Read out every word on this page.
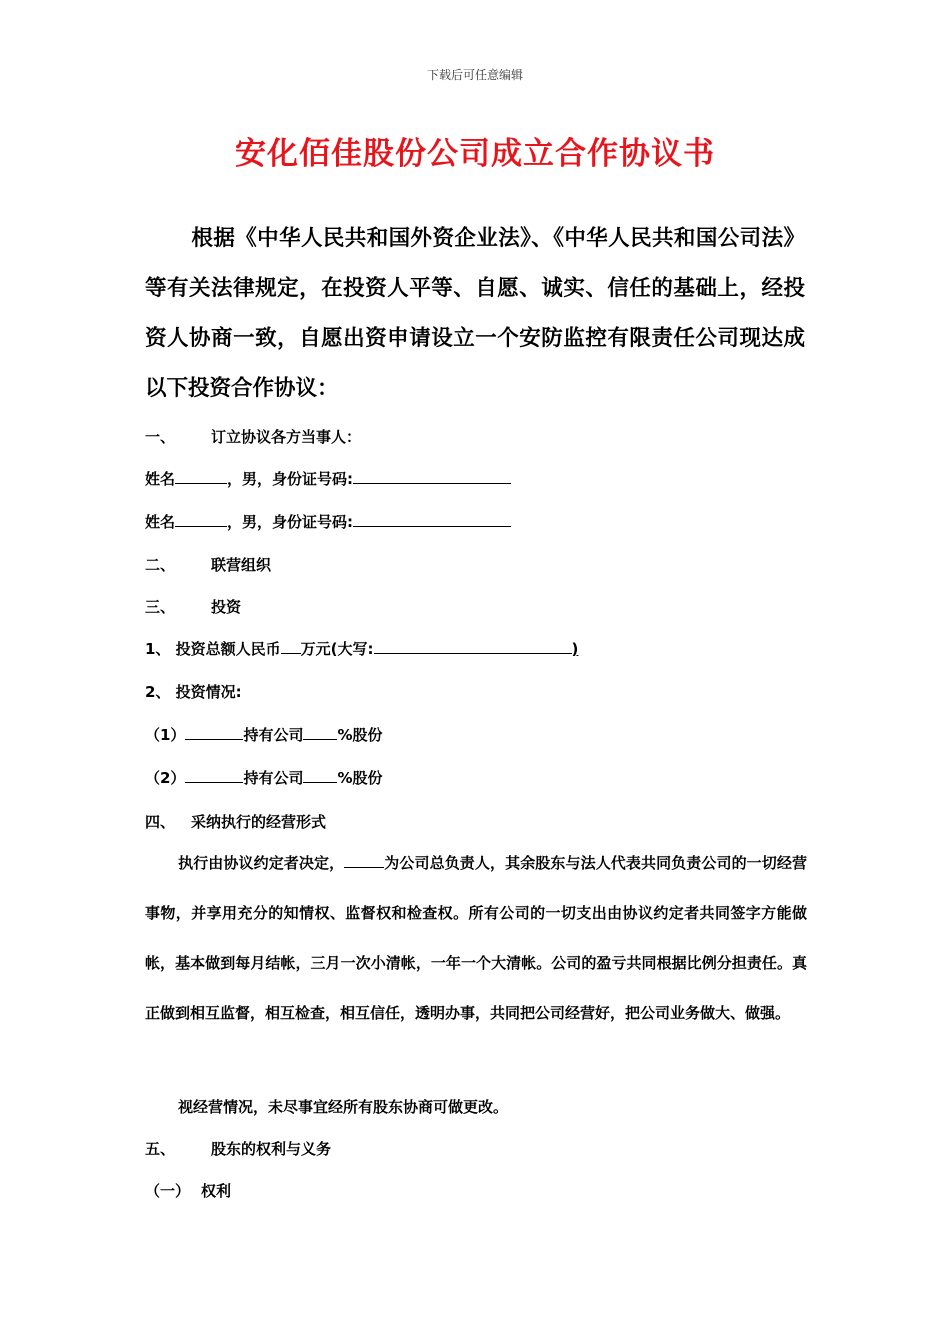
下载后可任意编辑
安化佰佳股份公司成立合作协议书
根据《中华人民共和国外资企业法》、《中华人民共和国公司法》等有关法律规定，在投资人平等、自愿、诚实、信任的基础上，经投资人协商一致，自愿出资申请设立一个安防监控有限责任公司现达成以下投资合作协议：
一、 订立协议各方当事人：
姓名	，男，身份证号码:
姓名	，男，身份证号码:
二、 联营组织
三、 投资
1、 投资总额人民币 万元(大写:	)
2、 投资情况:
（1）	持有公司 %股份
（2）	持有公司 %股份
四、 采纳执行的经营形式
执行由协议约定者决定，	为公司总负责人，其余股东与法人代表共同负责公司的一切经营事物，并享用充分的知情权、监督权和检查权。所有公司的一切支出由协议约定者共同签字方能做帐，基本做到每月结帐，三月一次小清帐，一年一个大清帐。公司的盈亏共同根据比例分担责任。真正做到相互监督，相互检查，相互信任，透明办事，共同把公司经营好，把公司业务做大、做强。
视经营情况，未尽事宜经所有股东协商可做更改。
五、 股东的权利与义务
（一） 权利
